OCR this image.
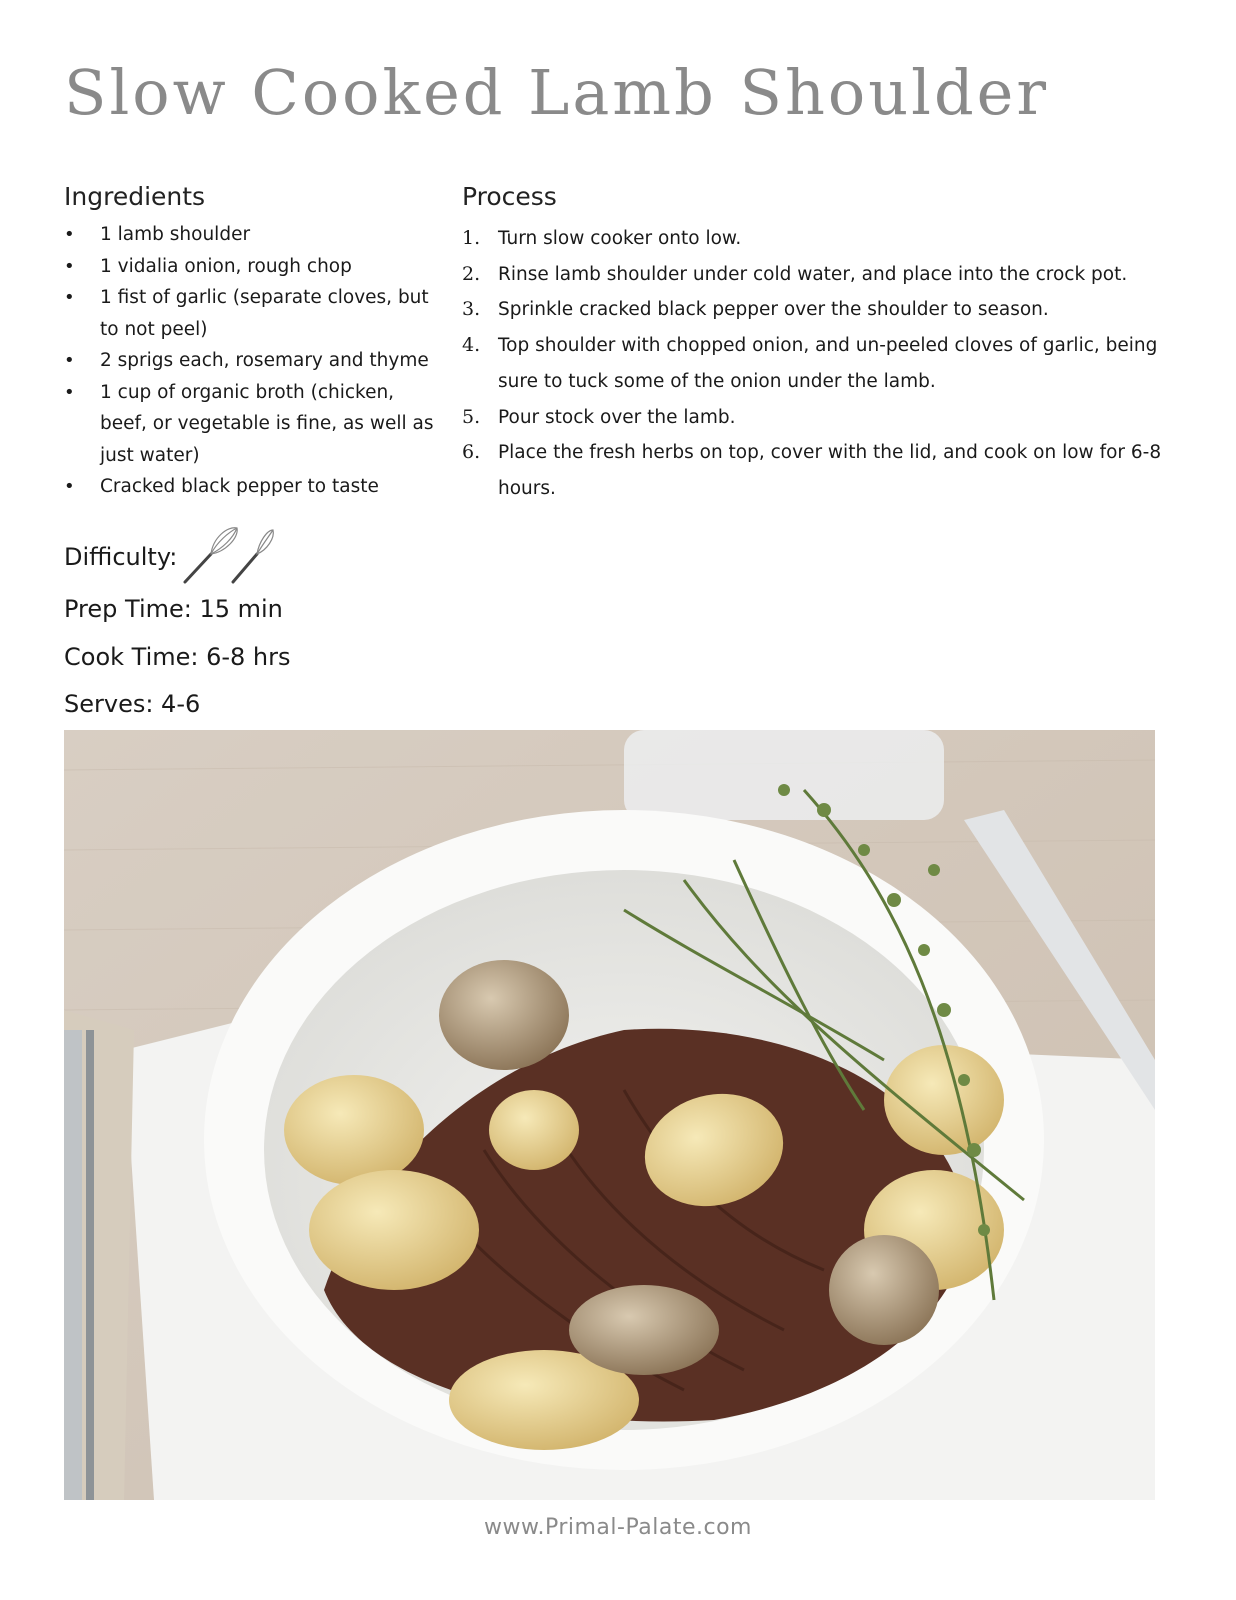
Slow Cooked Lamb Shoulder
Ingredients
• 1 lamb shoulder
• 1 vidalia onion, rough chop
• 1 fist of garlic (separate cloves, but
to not peel)
• 2 sprigs each, rosemary and thyme
• 1 cup of organic broth (chicken,
beef, or vegetable is fine, as well as
just water)
• Cracked black pepper to taste
Process
1. Turn slow cooker onto low.
2. Rinse lamb shoulder under cold water, and place into the crock pot.
3. Sprinkle cracked black pepper over the shoulder to season.
4. Top shoulder with chopped onion, and un-peeled cloves of garlic, being
sure to tuck some of the onion under the lamb.
5. Pour stock over the lamb.
6. Place the fresh herbs on top, cover with the lid, and cook on low for 6-8
hours.
Difficulty:
Prep Time: 15 min
Cook Time: 6-8 hrs
Serves: 4-6
www.Primal-Palate.com
